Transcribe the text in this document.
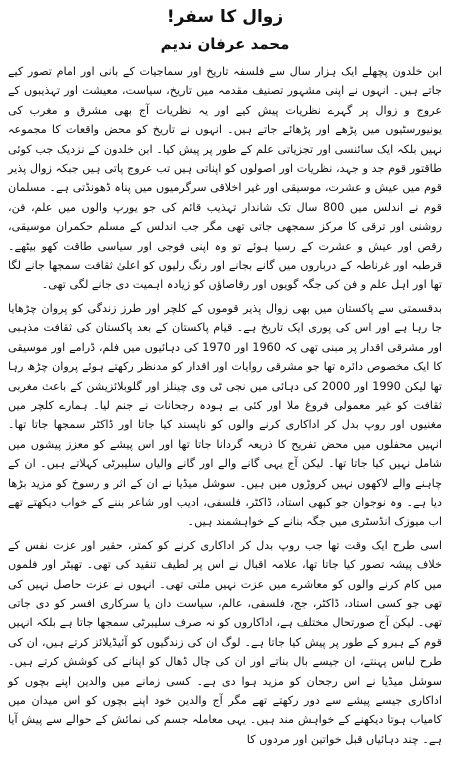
زوال کا سفر!
محمد عرفان ندیم
ابن خلدون پچھلے ایک ہزار سال سے فلسفہ تاریخ اور سماجیات کے بانی اور امام تصور کیے جاتے ہیں۔ انہوں نے اپنی مشہور تصنیف مقدمہ میں تاریخ، سیاست، معیشت اور تہذیبوں کے عروج و زوال پر گہرے نظریات پیش کیے اور یہ نظریات آج بھی مشرق و مغرب کی یونیورسٹیوں میں پڑھے اور پڑھائے جاتے ہیں۔ انہوں نے تاریخ کو محض واقعات کا مجموعہ نہیں بلکہ ایک سائنسی اور تجزیاتی علم کے طور پر پیش کیا۔ ابن خلدون کے نزدیک جب کوئی طاقتور قوم جد و جہد، نظریات اور اصولوں کو اپناتی ہیں تب عروج پاتی ہیں جبکہ زوال پذیر قوم میں عیش و عشرت، موسیقی اور غیر اخلاقی سرگرمیوں میں پناہ ڈھونڈتی ہے۔ مسلمان قوم نے اندلس میں 800 سال تک شاندار تہذیب قائم کی جو یورپ والوں میں علم، فن، روشنی اور ترقی کا مرکز سمجھی جاتی تھی مگر جب اندلس کے مسلم حکمران موسیقی، رقص اور عیش و عشرت کے رسیا ہوئے تو وہ اپنی فوجی اور سیاسی طاقت کھو بیٹھے۔ قرطبہ اور غرناطہ کے درباروں میں گانے بجانے اور رنگ رلیوں کو اعلیٰ ثقافت سمجھا جانے لگا تھا اور اہل علم و فن کی جگہ گویوں اور رقاصاؤں کو زیادہ اہمیت دی جانے لگی تھی۔
بدقسمتی سے پاکستان میں بھی زوال پذیر قوموں کے کلچر اور طرز زندگی کو پروان چڑھایا جا رہا ہے اور اس کی پوری ایک تاریخ ہے۔ قیام پاکستان کے بعد پاکستان کی ثقافت مذہبی اور مشرقی اقدار پر مبنی تھی کہ 1960 اور 1970 کی دہائیوں میں فلم، ڈرامے اور موسیقی کا ایک مخصوص دائرہ تھا جو مشرقی روایات اور اقدار کو مدنظر رکھتے ہوئے پروان چڑھ رہا تھا لیکن 1990 اور 2000 کی دہائی میں نجی ٹی وی چینلز اور گلوبلائزیشن کے باعث مغربی ثقافت کو غیر معمولی فروغ ملا اور کئی بے ہودہ رجحانات نے جنم لیا۔ ہمارے کلچر میں مغنیوں اور روپ بدل کر اداکاری کرنے والوں کو ناپسند کیا جاتا اور ڈاکٹر سمجھا جاتا تھا۔ انہیں محفلوں میں محض تفریح کا ذریعہ گردانا جاتا تھا اور اس پیشے کو معزز پیشوں میں شامل نہیں کیا جاتا تھا۔ لیکن آج یہی گانے والے اور گانے والیاں سلیبرٹی کہلاتے ہیں۔ ان کے چاہنے والے لاکھوں نہیں کروڑوں میں ہیں۔ سوشل میڈیا نے ان کے اثر و رسوخ کو مزید بڑھا دیا ہے۔ وہ نوجوان جو کبھی استاد، ڈاکٹر، فلسفی، ادیب اور شاعر بننے کے خواب دیکھتے تھے اب میوزک انڈسٹری میں جگہ بنانے کے خواہشمند ہیں۔
اسی طرح ایک وقت تھا جب روپ بدل کر اداکاری کرنے کو کمتر، حقیر اور عزت نفس کے خلاف پیشہ تصور کیا جاتا تھا، علامہ اقبال نے اس پر لطیف تنقید کی تھی۔ تھیٹر اور فلموں میں کام کرنے والوں کو معاشرے میں عزت نہیں ملتی تھی۔ انہوں نے عزت حاصل نہیں کی تھی جو کسی استاد، ڈاکٹر، جج، فلسفی، عالم، سیاست دان یا سرکاری افسر کو دی جاتی تھی۔ لیکن آج صورتحال مختلف ہے، اداکاروں کو نہ صرف سلیبرٹی سمجھا جاتا ہے بلکہ انہیں قوم کے ہیرو کے طور پر پیش کیا جاتا ہے۔ لوگ ان کی زندگیوں کو آئیڈیلائز کرتے ہیں، ان کی طرح لباس پہنتے، ان جیسے بال بناتے اور ان کی چال ڈھال کو اپنانے کی کوشش کرتے ہیں۔ سوشل میڈیا نے اس رجحان کو مزید ہوا دی ہے۔ کسی زمانے میں والدین اپنے بچوں کو اداکاری جیسے پیشے سے دور رکھتے تھے مگر آج والدین خود اپنے بچوں کو اس میدان میں کامیاب ہوتا دیکھنے کے خواہش مند ہیں۔ یہی معاملہ جسم کی نمائش کے حوالے سے پیش آیا ہے۔ چند دہائیاں قبل خواتین اور مردوں کا
